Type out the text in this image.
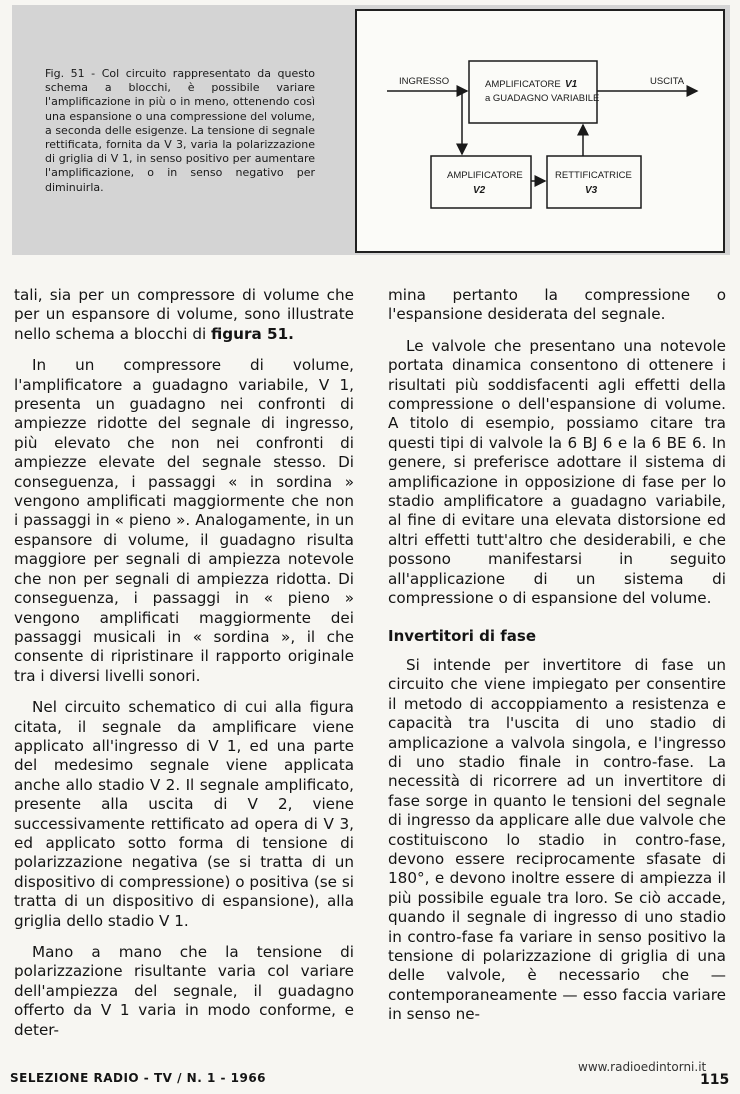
Fig. 51 - Col circuito rappresentato da questo schema a blocchi, è possibile variare l'amplificazione in più o in meno, ottenendo così una espansione o una compressione del volume, a seconda delle esigenze. La tensione di segnale rettificata, fornita da V 3, varia la polarizzazione di griglia di V 1, in senso positivo per aumentare l'amplificazione, o in senso negativo per diminuirla.
INGRESSO	AMPLIFICATORE V1
a GUADAGNO VARIABILE
USCITA
AMPLIFICATORE
V2
RETTIFICATRICE
V3

tali, sia per un compressore di volume che per un espansore di volume, sono illustrate nello schema a blocchi di figura 51.

In un compressore di volume, l'amplificatore a guadagno variabile, V 1, presenta un guadagno nei confronti di ampiezze ridotte del segnale di ingresso, più elevato che non nei confronti di ampiezze elevate del segnale stesso. Di conseguenza, i passaggi « in sordina » vengono amplificati maggiormente che non i passaggi in « pieno ». Analogamente, in un espansore di volume, il guadagno risulta maggiore per segnali di ampiezza notevole che non per segnali di ampiezza ridotta. Di conseguenza, i passaggi in « pieno » vengono amplificati maggiormente dei passaggi musicali in « sordina », il che consente di ripristinare il rapporto originale tra i diversi livelli sonori.

Nel circuito schematico di cui alla figura citata, il segnale da amplificare viene applicato all'ingresso di V 1, ed una parte del medesimo segnale viene applicata anche allo stadio V 2. Il segnale amplificato, presente alla uscita di V 2, viene successivamente rettificato ad opera di V 3, ed applicato sotto forma di tensione di polarizzazione negativa (se si tratta di un dispositivo di compressione) o positiva (se si tratta di un dispositivo di espansione), alla griglia dello stadio V 1.

Mano a mano che la tensione di polarizzazione risultante varia col variare dell'ampiezza del segnale, il guadagno offerto da V 1 varia in modo conforme, e deter-

mina pertanto la compressione o l'espansione desiderata del segnale.

Le valvole che presentano una notevole portata dinamica consentono di ottenere i risultati più soddisfacenti agli effetti della compressione o dell'espansione di volume. A titolo di esempio, possiamo citare tra questi tipi di valvole la 6 BJ 6 e la 6 BE 6. In genere, si preferisce adottare il sistema di amplificazione in opposizione di fase per lo stadio amplificatore a guadagno variabile, al fine di evitare una elevata distorsione ed altri effetti tutt'altro che desiderabili, e che possono manifestarsi in seguito all'applicazione di un sistema di compressione o di espansione del volume.

Invertitori di fase

Si intende per invertitore di fase un circuito che viene impiegato per consentire il metodo di accoppiamento a resistenza e capacità tra l'uscita di uno stadio di amplicazione a valvola singola, e l'ingresso di uno stadio finale in contro-fase. La necessità di ricorrere ad un invertitore di fase sorge in quanto le tensioni del segnale di ingresso da applicare alle due valvole che costituiscono lo stadio in contro-fase, devono essere reciprocamente sfasate di 180°, e devono inoltre essere di ampiezza il più possibile eguale tra loro. Se ciò accade, quando il segnale di ingresso di uno stadio in contro-fase fa variare in senso positivo la tensione di polarizzazione di griglia di una delle valvole, è necessario che — contemporaneamente — esso faccia variare in senso ne-

www.radioedintorni.it
SELEZIONE RADIO - TV / N. 1 - 1966	115
